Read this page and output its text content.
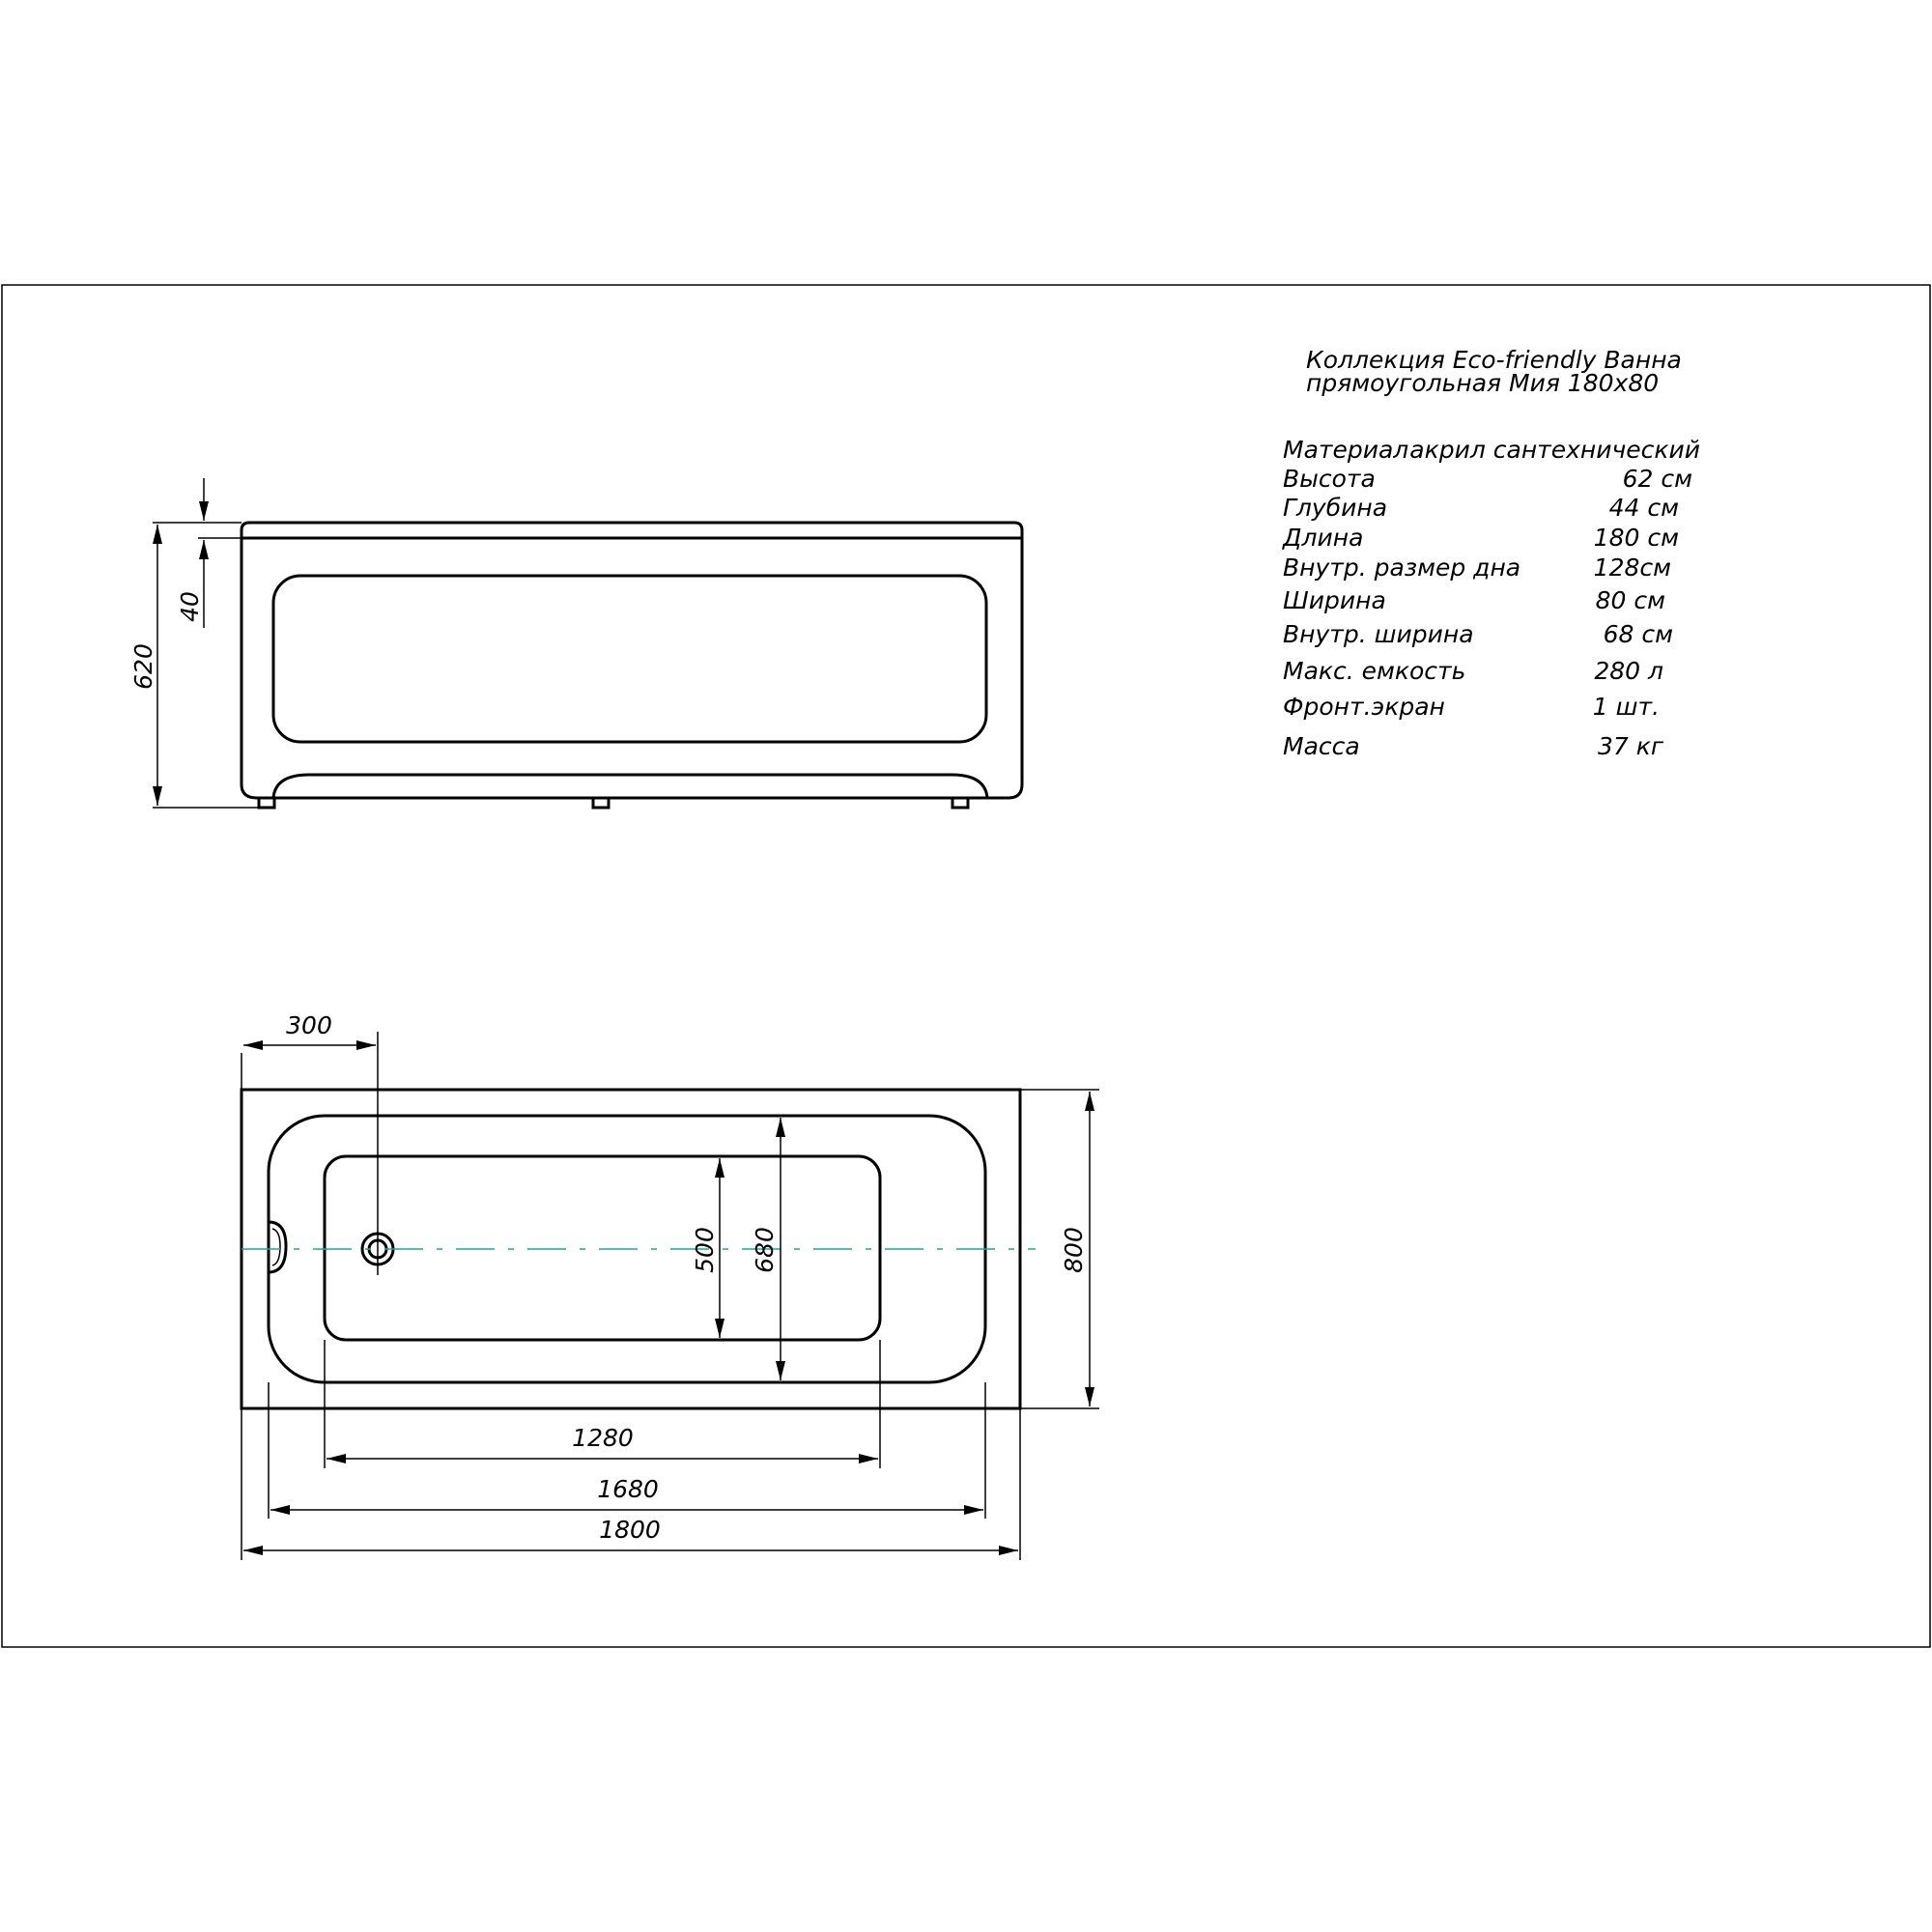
620
40
300
500 680	800
1280
1680
1800
Коллекция Eco-friendly Ванна
прямоугольная Мия 180х80
Материал акрил сантехнический
Высота	62 см
Глубина	44 см
Длина	180 см
Внутр. размер дна	128см
Ширина	80 см
Внутр. ширина	68 см
Макс. емкость	280 л
Фронт.экран	1 шт.
Масса	37 кг
